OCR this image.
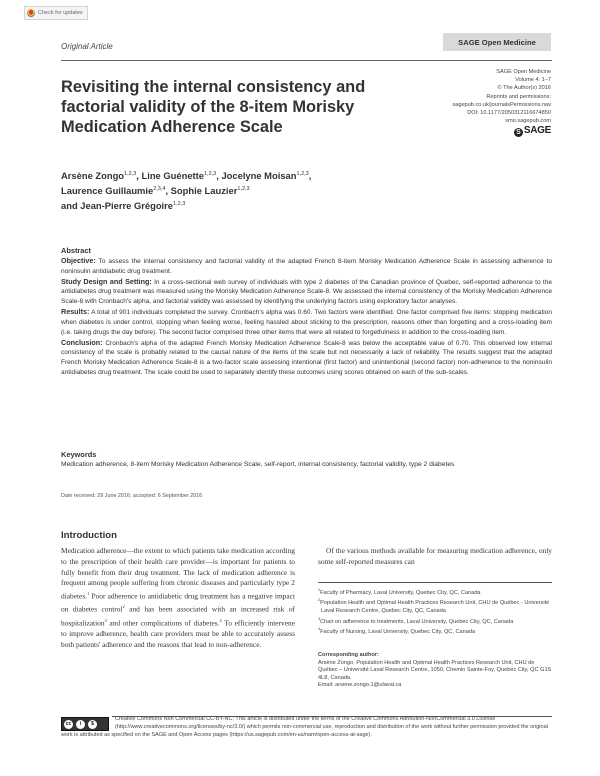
Check for updates
Original Article	SAGE Open Medicine
Revisiting the internal consistency and factorial validity of the 8-item Morisky Medication Adherence Scale
SAGE Open Medicine
Volume 4: 1–7
© The Author(s) 2016
Reprints and permissions:
sagepub.co.uk/journalsPermissions.nav
DOI: 10.1177/2050312116674850
smo.sagepub.com
S SAGE
Arsène Zongo$^{1,2,3}$, Line Guénette$^{1,2,3}$, Jocelyne Moisan$^{1,2,3}$,
Laurence Guillaumie$^{2,3,4}$, Sophie Lauzier$^{1,2,3}$
and Jean-Pierre Grégoire$^{1,2,3}$
Abstract

Objective: To assess the internal consistency and factorial validity of the adapted French 8-item Morisky Medication Adherence Scale in assessing adherence to noninsulin antidiabetic drug treatment.

Study Design and Setting: In a cross-sectional web survey of individuals with type 2 diabetes of the Canadian province of Quebec, self-reported adherence to the antidiabetes drug treatment was measured using the Morisky Medication Adherence Scale-8. We assessed the internal consistency of the Morisky Medication Adherence Scale-8 with Cronbach's alpha, and factorial validity was assessed by identifying the underlying factors using exploratory factor analyses.

Results: A total of 901 individuals completed the survey. Cronbach's alpha was 0.60. Two factors were identified. One factor comprised five items: stopping medication when diabetes is under control, stopping when feeling worse, feeling hassled about sticking to the prescription, reasons other than forgetting and a cross-loading item (i.e. taking drugs the day before). The second factor comprised three other items that were all related to forgetfulness in addition to the cross-loading item.

Conclusion: Cronbach's alpha of the adapted French Morisky Medication Adherence Scale-8 was below the acceptable value of 0.70. This observed low internal consistency of the scale is probably related to the causal nature of the items of the scale but not necessarily a lack of reliability. The results suggest that the adapted French Morisky Medication Adherence Scale-8 is a two-factor scale assessing intentional (first factor) and unintentional (second factor) non-adherence to the noninsulin antidiabetes drug treatment. The scale could be used to separately identify these outcomes using scores obtained on each of the sub-scales.

Keywords
Medication adherence, 8-item Morisky Medication Adherence Scale, self-report, internal consistency, factorial validity, type 2 diabetes
Date received: 29 June 2016; accepted: 6 September 2016
Introduction

Medication adherence—the extent to which patients take medication according to the prescription of their health care provider—is important for patients to fully benefit from their drug treatment. The lack of medication adherence is frequent among people suffering from chronic diseases and particularly type 2 diabetes.$^1$ Poor adherence to antidiabetic drug treatment has a negative impact on diabetes control$^2$ and has been associated with an increased risk of hospitalization$^3$ and other complications of diabetes.$^4$ To efficiently intervene to improve adherence, health care providers must be able to accurately assess both patients' adherence and the reasons that lead to non-adherence.

Of the various methods available for measuring medication adherence, only some self-reported measures can

$^1$Faculty of Pharmacy, Laval University, Quebec City, QC, Canada
$^2$Population Health and Optimal Health Practices Research Unit, CHU de Québec - Université Laval Research Centre, Quebec City, QC, Canada
$^3$Chair on adherence to treatments, Laval University, Quebec City, QC, Canada
$^4$Faculty of Nursing, Laval University, Quebec City, QC, Canada
Corresponding author:
Arsène Zongo, Population Health and Optimal Health Practices Research Unit, CHU de Québec – Université Laval Research Centre, 1050, Chemin Sainte-Foy, Quebec City, QC G1S 4L8, Canada.
Email: arsene.zongo.1@ulaval.ca
cc	i	$
Creative Commons Non Commercial CC-BY-NC: This article is distributed under the terms of the Creative Commons Attribution-NonCommercial 3.0 License (http://www.creativecommons.org/licenses/by-nc/3.0/) which permits non-commercial use, reproduction and distribution of the work without further permission provided the original work is attributed as specified on the SAGE and Open Access pages (https://us.sagepub.com/en-us/nam/open-access-at-sage).
